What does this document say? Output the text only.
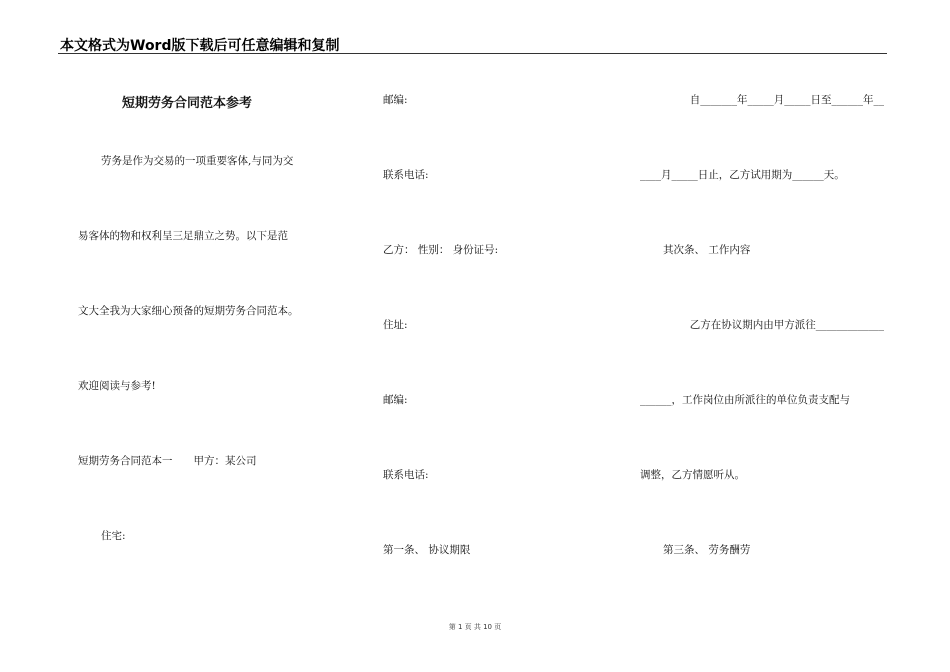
本文格式为Word版下载后可任意编辑和复制
短期劳务合同范本参考
劳务是作为交易的一项重要客体,与同为交
易客体的物和权利呈三足鼎立之势。以下是范
文大全我为大家细心预备的短期劳务合同范本。
欢迎阅读与参考!
短期劳务合同范本一　　甲方：某公司
住宅:
邮编:
联系电话:
乙方： 性别： 身份证号:
住址:
邮编:
联系电话:
第一条、 协议期限
自_______年_____月_____日至______年__
____月_____日止，乙方试用期为______天。
其次条、 工作内容
乙方在协议期内由甲方派往_____________
______，工作岗位由所派往的单位负责支配与
调整，乙方情愿听从。
第三条、 劳务酬劳
第 1 页 共 10 页
